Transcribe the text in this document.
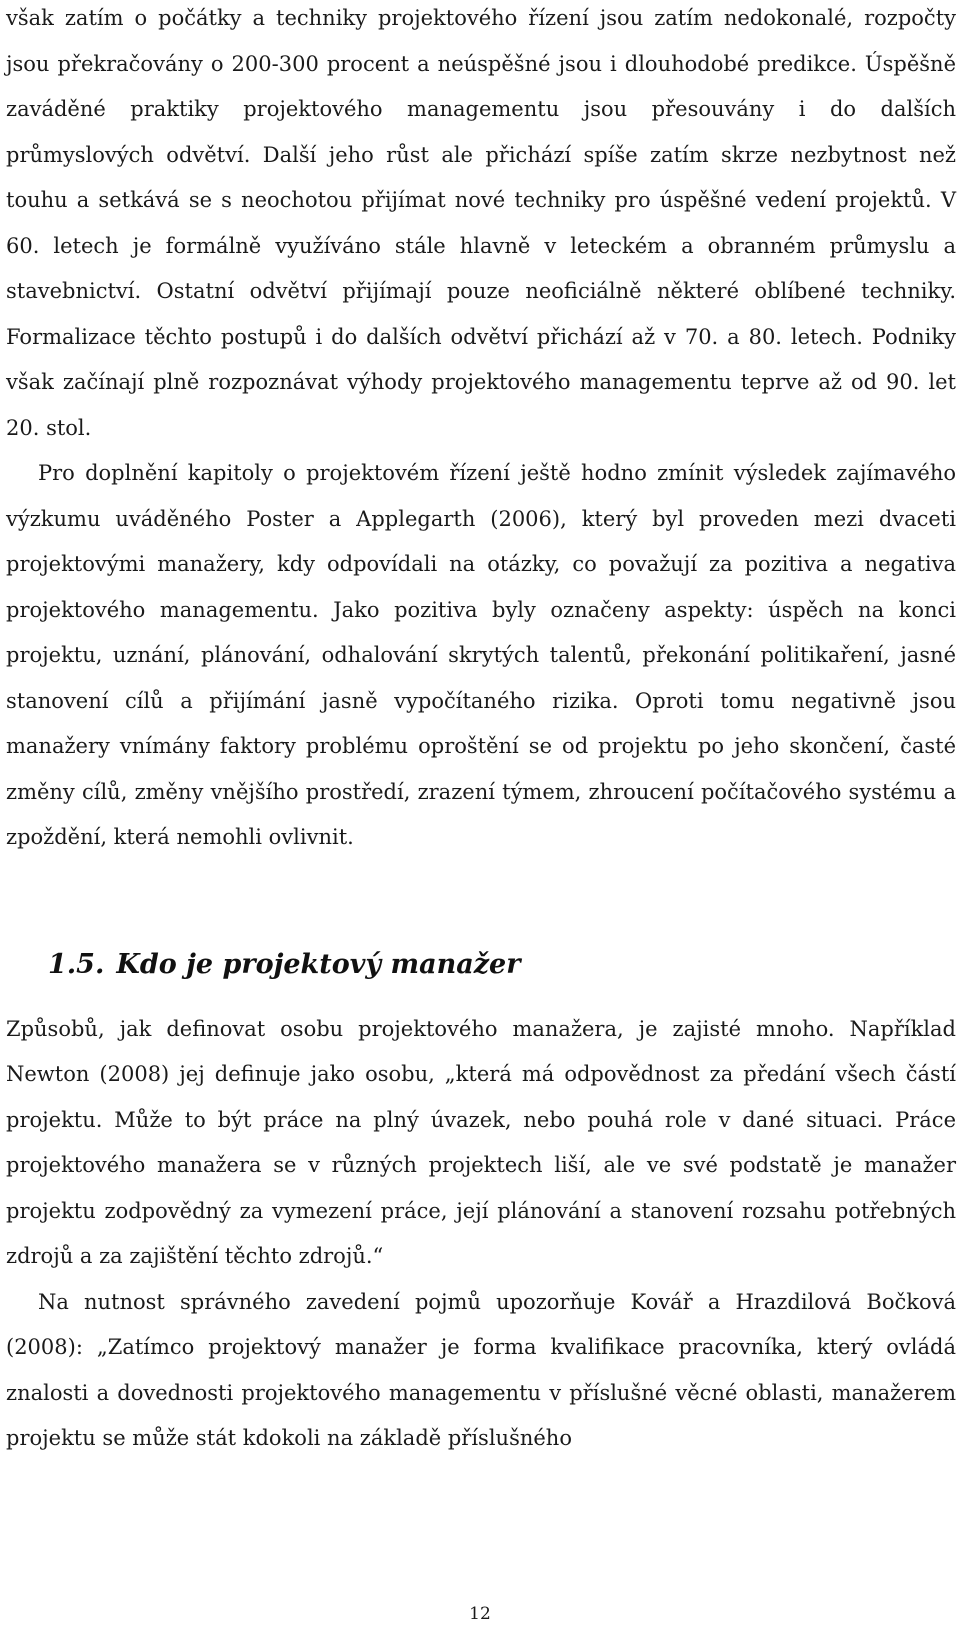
však zatím o počátky a techniky projektového řízení jsou zatím nedokonalé, rozpočty jsou překračovány o 200-300 procent a neúspěšné jsou i dlouhodobé predikce. Úspěšně zaváděné praktiky projektového managementu jsou přesouvány i do dalších průmyslových odvětví. Další jeho růst ale přichází spíše zatím skrze nezbytnost než touhu a setkává se s neochotou přijímat nové techniky pro úspěšné vedení projektů. V 60. letech je formálně využíváno stále hlavně v leteckém a obranném průmyslu a stavebnictví. Ostatní odvětví přijímají pouze neoficiálně některé oblíbené techniky. Formalizace těchto postupů i do dalších odvětví přichází až v 70. a 80. letech. Podniky však začínají plně rozpoznávat výhody projektového managementu teprve až od 90. let 20. stol.

Pro doplnění kapitoly o projektovém řízení ještě hodno zmínit výsledek zajímavého výzkumu uváděného Poster a Applegarth (2006), který byl proveden mezi dvaceti projektovými manažery, kdy odpovídali na otázky, co považují za pozitiva a negativa projektového managementu. Jako pozitiva byly označeny aspekty: úspěch na konci projektu, uznání, plánování, odhalování skrytých talentů, překonání politikaření, jasné stanovení cílů a přijímání jasně vypočítaného rizika. Oproti tomu negativně jsou manažery vnímány faktory problému oproštění se od projektu po jeho skončení, časté změny cílů, změny vnějšího prostředí, zrazení týmem, zhroucení počítačového systému a zpoždění, která nemohli ovlivnit.

1.5. Kdo je projektový manažer

Způsobů, jak definovat osobu projektového manažera, je zajisté mnoho. Například Newton (2008) jej definuje jako osobu, „která má odpovědnost za předání všech částí projektu. Může to být práce na plný úvazek, nebo pouhá role v dané situaci. Práce projektového manažera se v různých projektech liší, ale ve své podstatě je manažer projektu zodpovědný za vymezení práce, její plánování a stanovení rozsahu potřebných zdrojů a za zajištění těchto zdrojů.“

Na nutnost správného zavedení pojmů upozorňuje Kovář a Hrazdilová Bočková (2008): „Zatímco projektový manažer je forma kvalifikace pracovníka, který ovládá znalosti a dovednosti projektového managementu v příslušné věcné oblasti, manažerem projektu se může stát kdokoli na základě příslušného

12
